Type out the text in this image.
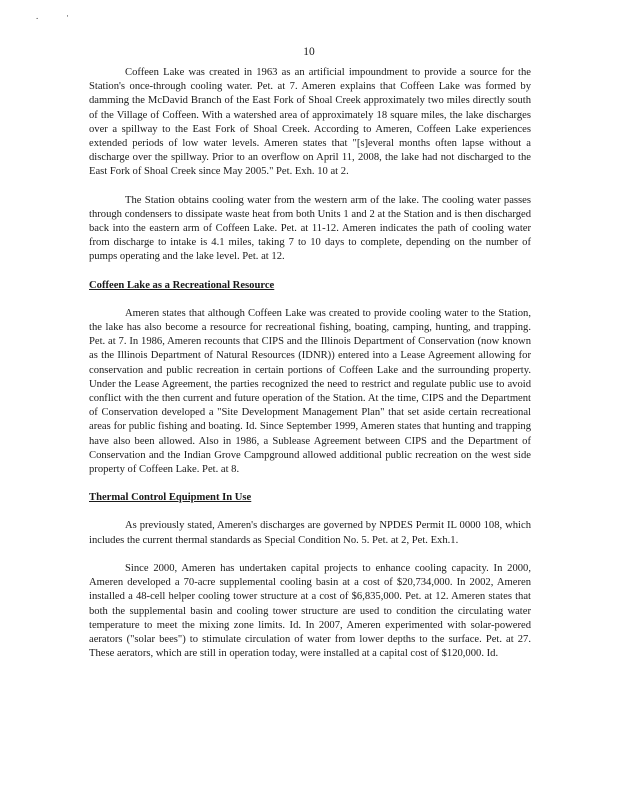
.	·
10

Coffeen Lake was created in 1963 as an artificial impoundment to provide a source for the Station's once-through cooling water. Pet. at 7. Ameren explains that Coffeen Lake was formed by damming the McDavid Branch of the East Fork of Shoal Creek approximately two miles directly south of the Village of Coffeen. With a watershed area of approximately 18 square miles, the lake discharges over a spillway to the East Fork of Shoal Creek. According to Ameren, Coffeen Lake experiences extended periods of low water levels. Ameren states that "[s]everal months often lapse without a discharge over the spillway. Prior to an overflow on April 11, 2008, the lake had not discharged to the East Fork of Shoal Creek since May 2005." Pet. Exh. 10 at 2.

The Station obtains cooling water from the western arm of the lake. The cooling water passes through condensers to dissipate waste heat from both Units 1 and 2 at the Station and is then discharged back into the eastern arm of Coffeen Lake. Pet. at 11-12. Ameren indicates the path of cooling water from discharge to intake is 4.1 miles, taking 7 to 10 days to complete, depending on the number of pumps operating and the lake level. Pet. at 12.

Coffeen Lake as a Recreational Resource

Ameren states that although Coffeen Lake was created to provide cooling water to the Station, the lake has also become a resource for recreational fishing, boating, camping, hunting, and trapping. Pet. at 7. In 1986, Ameren recounts that CIPS and the Illinois Department of Conservation (now known as the Illinois Department of Natural Resources (IDNR)) entered into a Lease Agreement allowing for conservation and public recreation in certain portions of Coffeen Lake and the surrounding property. Under the Lease Agreement, the parties recognized the need to restrict and regulate public use to avoid conflict with the then current and future operation of the Station. At the time, CIPS and the Department of Conservation developed a "Site Development Management Plan" that set aside certain recreational areas for public fishing and boating. Id. Since September 1999, Ameren states that hunting and trapping have also been allowed. Also in 1986, a Sublease Agreement between CIPS and the Department of Conservation and the Indian Grove Campground allowed additional public recreation on the west side property of Coffeen Lake. Pet. at 8.

Thermal Control Equipment In Use

As previously stated, Ameren's discharges are governed by NPDES Permit IL 0000 108, which includes the current thermal standards as Special Condition No. 5. Pet. at 2, Pet. Exh.1.

Since 2000, Ameren has undertaken capital projects to enhance cooling capacity. In 2000, Ameren developed a 70-acre supplemental cooling basin at a cost of $20,734,000. In 2002, Ameren installed a 48-cell helper cooling tower structure at a cost of $6,835,000. Pet. at 12. Ameren states that both the supplemental basin and cooling tower structure are used to condition the circulating water temperature to meet the mixing zone limits. Id. In 2007, Ameren experimented with solar-powered aerators ("solar bees") to stimulate circulation of water from lower depths to the surface. Pet. at 27. These aerators, which are still in operation today, were installed at a capital cost of $120,000. Id.
